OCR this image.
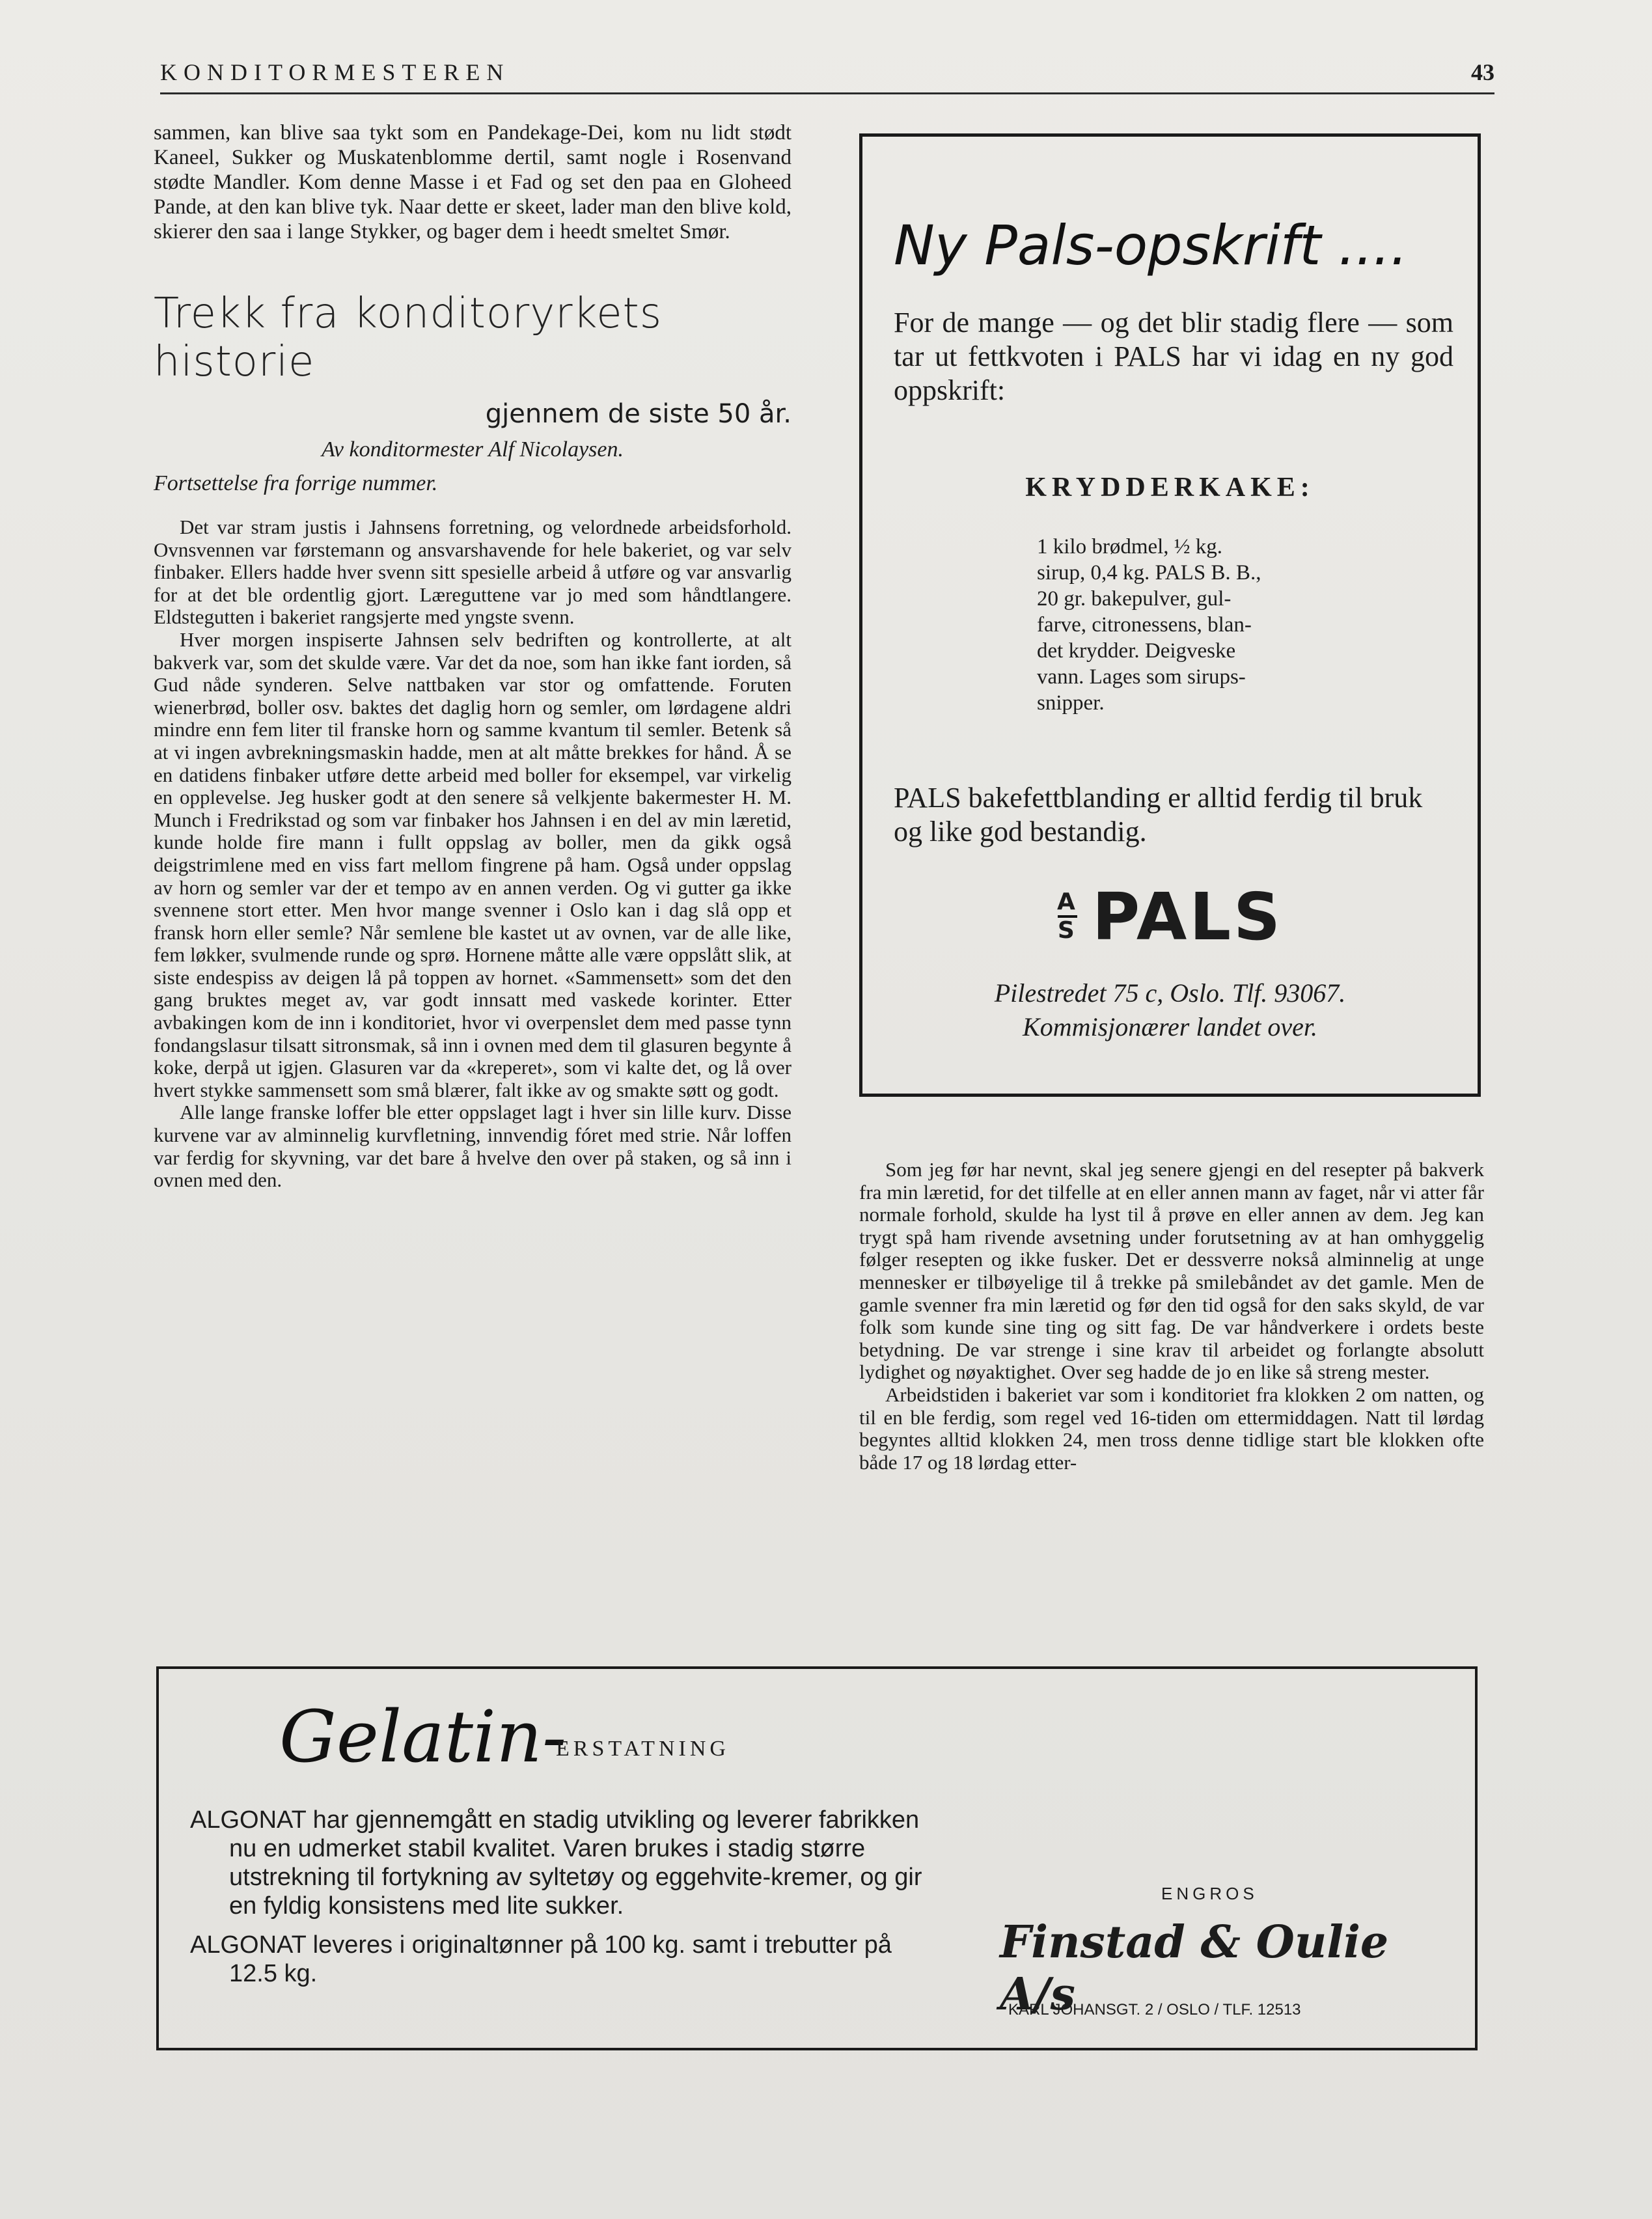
KONDITORMESTEREN	43

sammen, kan blive saa tykt som en Pandekage-Dei, kom nu lidt stødt Kaneel, Sukker og Muskatenblomme dertil, samt nogle i Rosenvand stødte Mandler. Kom denne Masse i et Fad og set den paa en Gloheed Pande, at den kan blive tyk. Naar dette er skeet, lader man den blive kold, skierer den saa i lange Stykker, og bager dem i heedt smeltet Smør.

Trekk fra konditoryrkets historie
gjennem de siste 50 år.
Av konditormester Alf Nicolaysen.
Fortsettelse fra forrige nummer.

Det var stram justis i Jahnsens forretning, og velordnede arbeidsforhold. Ovnsvennen var førstemann og ansvarshavende for hele bakeriet, og var selv finbaker. Ellers hadde hver svenn sitt spesielle arbeid å utføre og var ansvarlig for at det ble ordentlig gjort. Læreguttene var jo med som håndtlangere. Eldstegutten i bakeriet rangsjerte med yngste svenn.

Hver morgen inspiserte Jahnsen selv bedriften og kontrollerte, at alt bakverk var, som det skulde være. Var det da noe, som han ikke fant iorden, så Gud nåde synderen. Selve nattbaken var stor og omfattende. Foruten wienerbrød, boller osv. baktes det daglig horn og semler, om lørdagene aldri mindre enn fem liter til franske horn og samme kvantum til semler. Betenk så at vi ingen avbrekningsmaskin hadde, men at alt måtte brekkes for hånd. Å se en datidens finbaker utføre dette arbeid med boller for eksempel, var virkelig en opplevelse. Jeg husker godt at den senere så velkjente bakermester H. M. Munch i Fredrikstad og som var finbaker hos Jahnsen i en del av min læretid, kunde holde fire mann i fullt oppslag av boller, men da gikk også deigstrimlene med en viss fart mellom fingrene på ham. Også under oppslag av horn og semler var der et tempo av en annen verden. Og vi gutter ga ikke svennene stort etter. Men hvor mange svenner i Oslo kan i dag slå opp et fransk horn eller semle? Når semlene ble kastet ut av ovnen, var de alle like, fem løkker, svulmende runde og sprø. Hornene måtte alle være oppslått slik, at siste endespiss av deigen lå på toppen av hornet. «Sammensett» som det den gang bruktes meget av, var godt innsatt med vaskede korinter. Etter avbakingen kom de inn i konditoriet, hvor vi overpenslet dem med passe tynn fondangslasur tilsatt sitronsmak, så inn i ovnen med dem til glasuren begynte å koke, derpå ut igjen. Glasuren var da «kreperet», som vi kalte det, og lå over hvert stykke sammensett som små blærer, falt ikke av og smakte søtt og godt.

Alle lange franske loffer ble etter oppslaget lagt i hver sin lille kurv. Disse kurvene var av alminnelig kurvfletning, innvendig fóret med strie. Når loffen var ferdig for skyvning, var det bare å hvelve den over på staken, og så inn i ovnen med den.

Ny Pals-opskrift ....
For de mange — og det blir stadig flere — som tar ut fettkvoten i PALS har vi idag en ny god oppskrift:
KRYDDERKAKE:
1 kilo brødmel, ½ kg.
sirup, 0,4 kg. PALS B. B.,
20 gr. bakepulver, gul-
farve, citronessens, blan-
det krydder. Deigveske
vann. Lages som sirups-
snipper.
PALS bakefettblanding er alltid ferdig til bruk og like god bestandig.
$\frac{A}{S}$ PALS
Pilestredet 75 c, Oslo. Tlf. 93067.
Kommisjonærer landet over.

Som jeg før har nevnt, skal jeg senere gjengi en del resepter på bakverk fra min læretid, for det tilfelle at en eller annen mann av faget, når vi atter får normale forhold, skulde ha lyst til å prøve en eller annen av dem. Jeg kan trygt spå ham rivende avsetning under forutsetning av at han omhyggelig følger resepten og ikke fusker. Det er dessverre nokså alminnelig at unge mennesker er tilbøyelige til å trekke på smilebåndet av det gamle. Men de gamle svenner fra min læretid og før den tid også for den saks skyld, de var folk som kunde sine ting og sitt fag. De var håndverkere i ordets beste betydning. De var strenge i sine krav til arbeidet og forlangte absolutt lydighet og nøyaktighet. Over seg hadde de jo en like så streng mester.

Arbeidstiden i bakeriet var som i konditoriet fra klokken 2 om natten, og til en ble ferdig, som regel ved 16-tiden om ettermiddagen. Natt til lørdag begyntes alltid klokken 24, men tross denne tidlige start ble klokken ofte både 17 og 18 lørdag etter-

Gelatin-
ERSTATNING

ALGONAT har gjennemgått en stadig utvikling og leverer fabrikken nu en udmerket stabil kvalitet. Varen brukes i stadig større utstrekning til fortykning av syltetøy og eggehvite-kremer, og gir en fyldig konsistens med lite sukker.

ALGONAT leveres i originaltønner på 100 kg. samt i trebutter på 12.5 kg.

ENGROS
Finstad & Oulie A/s
KARL JOHANSGT. 2 / OSLO / TLF. 12513
